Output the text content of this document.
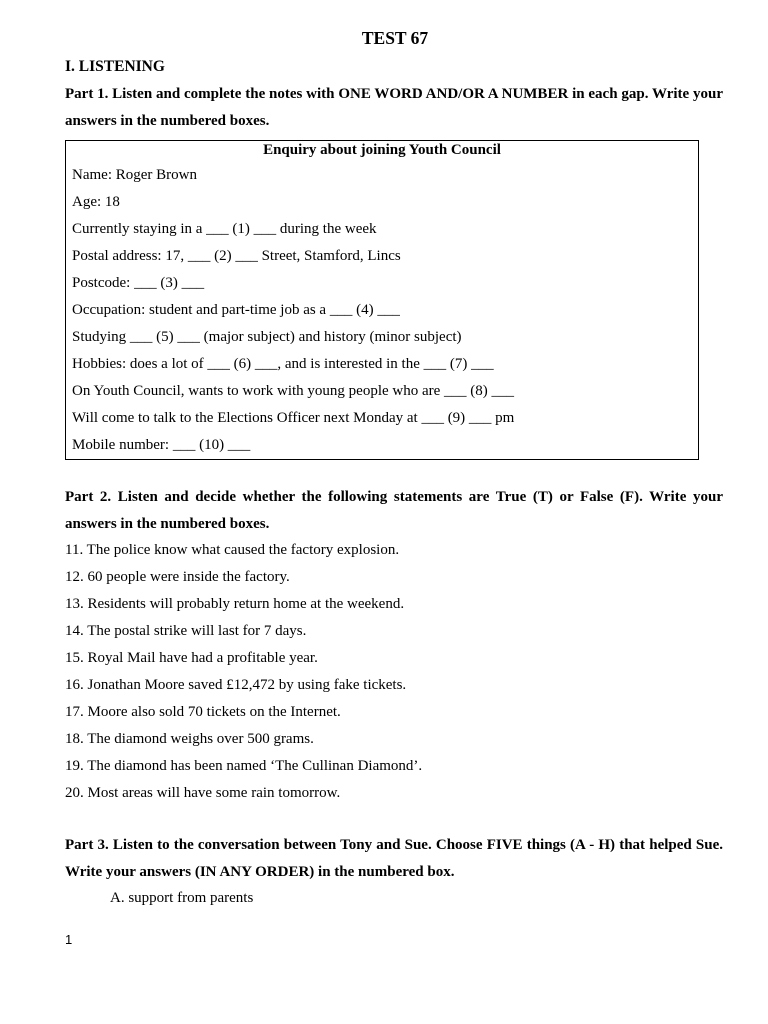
TEST 67
I. LISTENING
Part 1. Listen and complete the notes with ONE WORD AND/OR A NUMBER in each gap. Write your answers in the numbered boxes.
Enquiry about joining Youth Council
Name: Roger Brown
Age: 18
Currently staying in a ___ (1) ___ during the week
Postal address: 17, ___ (2) ___ Street, Stamford, Lincs
Postcode: ___ (3) ___
Occupation: student and part-time job as a ___ (4) ___
Studying ___ (5) ___ (major subject) and history (minor subject)
Hobbies: does a lot of ___ (6) ___, and is interested in the ___ (7) ___
On Youth Council, wants to work with young people who are ___ (8) ___
Will come to talk to the Elections Officer next Monday at ___ (9) ___ pm
Mobile number: ___ (10) ___
Part 2. Listen and decide whether the following statements are True (T) or False (F). Write your answers in the numbered boxes.
11. The police know what caused the factory explosion.
12. 60 people were inside the factory.
13. Residents will probably return home at the weekend.
14. The postal strike will last for 7 days.
15. Royal Mail have had a profitable year.
16. Jonathan Moore saved £12,472 by using fake tickets.
17. Moore also sold 70 tickets on the Internet.
18. The diamond weighs over 500 grams.
19. The diamond has been named ‘The Cullinan Diamond’.
20. Most areas will have some rain tomorrow.
Part 3. Listen to the conversation between Tony and Sue. Choose FIVE things (A - H) that helped Sue. Write your answers (IN ANY ORDER) in the numbered box.
A. support from parents
1
